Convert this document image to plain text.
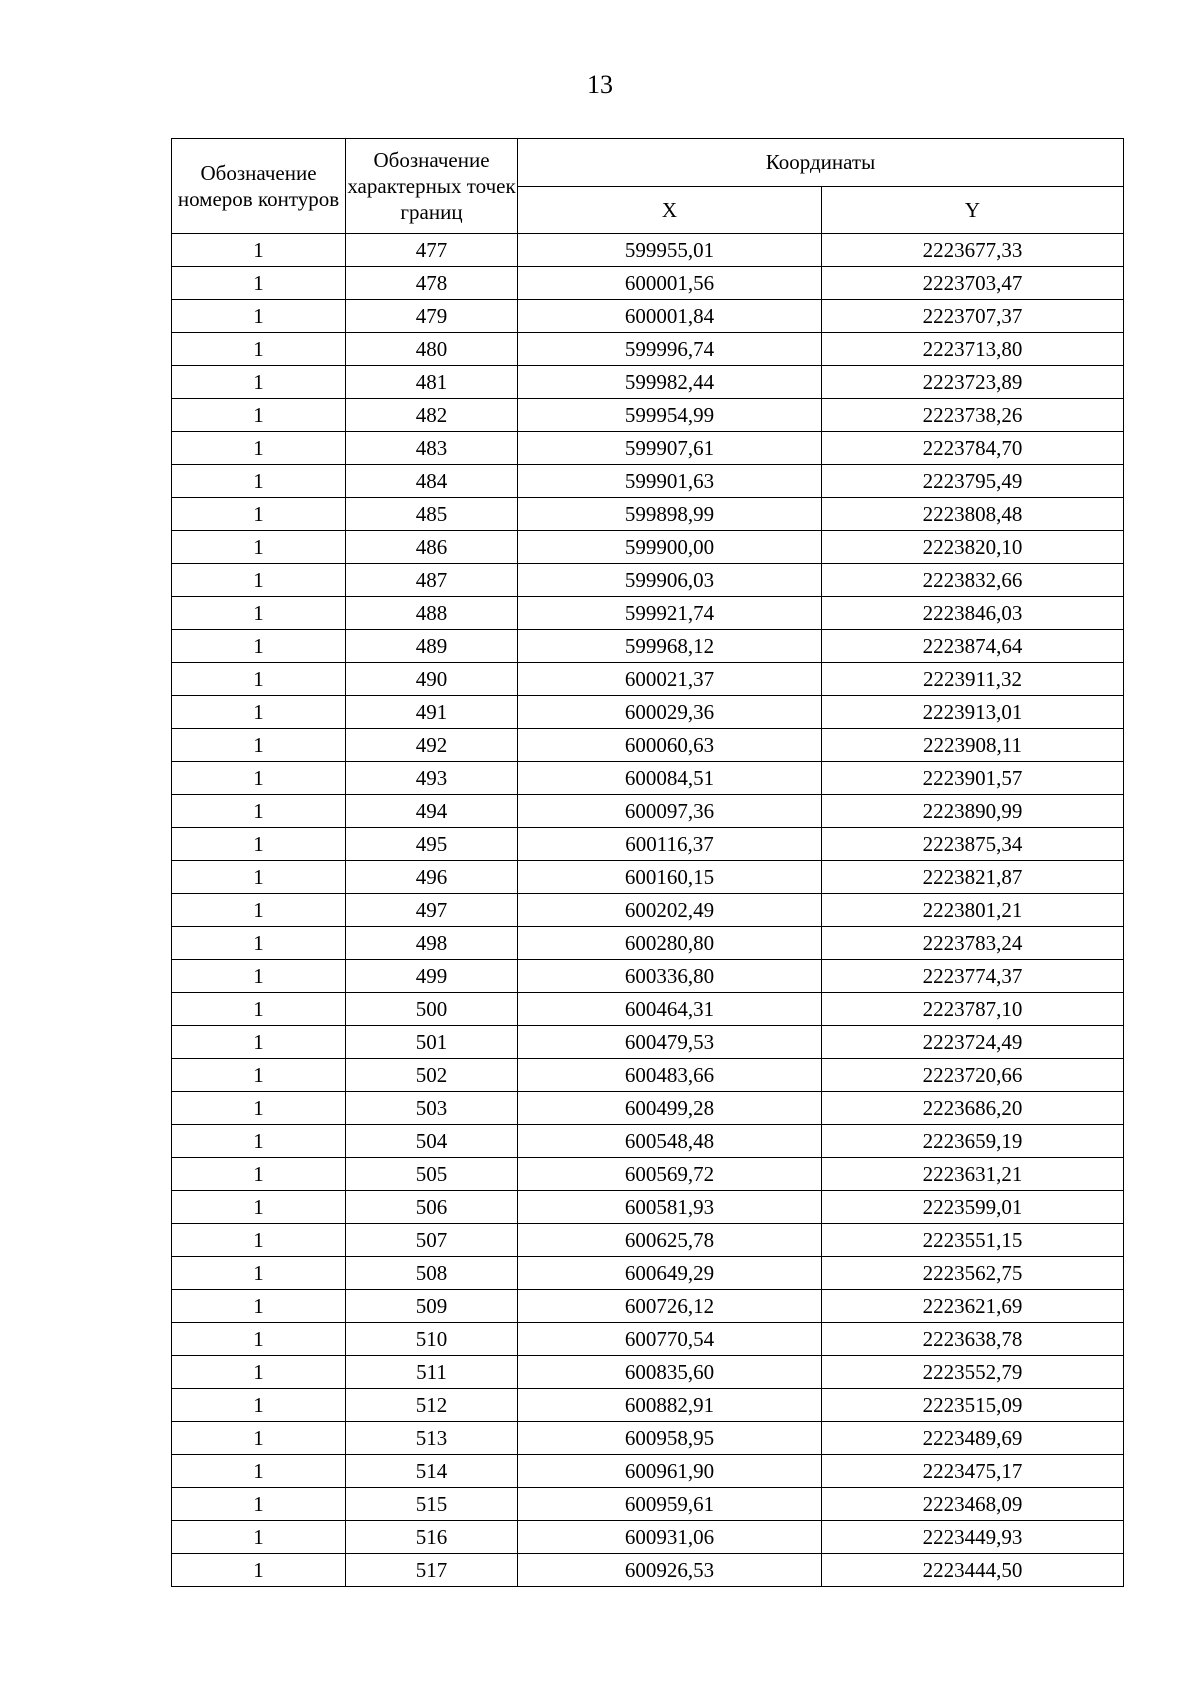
13
Обозначение номеров контуров	Обозначение характерных точек границ	Координаты	
		X	Y
1	477	599955,01	2223677,33
1	478	600001,56	2223703,47
1	479	600001,84	2223707,37
1	480	599996,74	2223713,80
1	481	599982,44	2223723,89
1	482	599954,99	2223738,26
1	483	599907,61	2223784,70
1	484	599901,63	2223795,49
1	485	599898,99	2223808,48
1	486	599900,00	2223820,10
1	487	599906,03	2223832,66
1	488	599921,74	2223846,03
1	489	599968,12	2223874,64
1	490	600021,37	2223911,32
1	491	600029,36	2223913,01
1	492	600060,63	2223908,11
1	493	600084,51	2223901,57
1	494	600097,36	2223890,99
1	495	600116,37	2223875,34
1	496	600160,15	2223821,87
1	497	600202,49	2223801,21
1	498	600280,80	2223783,24
1	499	600336,80	2223774,37
1	500	600464,31	2223787,10
1	501	600479,53	2223724,49
1	502	600483,66	2223720,66
1	503	600499,28	2223686,20
1	504	600548,48	2223659,19
1	505	600569,72	2223631,21
1	506	600581,93	2223599,01
1	507	600625,78	2223551,15
1	508	600649,29	2223562,75
1	509	600726,12	2223621,69
1	510	600770,54	2223638,78
1	511	600835,60	2223552,79
1	512	600882,91	2223515,09
1	513	600958,95	2223489,69
1	514	600961,90	2223475,17
1	515	600959,61	2223468,09
1	516	600931,06	2223449,93
1	517	600926,53	2223444,50
